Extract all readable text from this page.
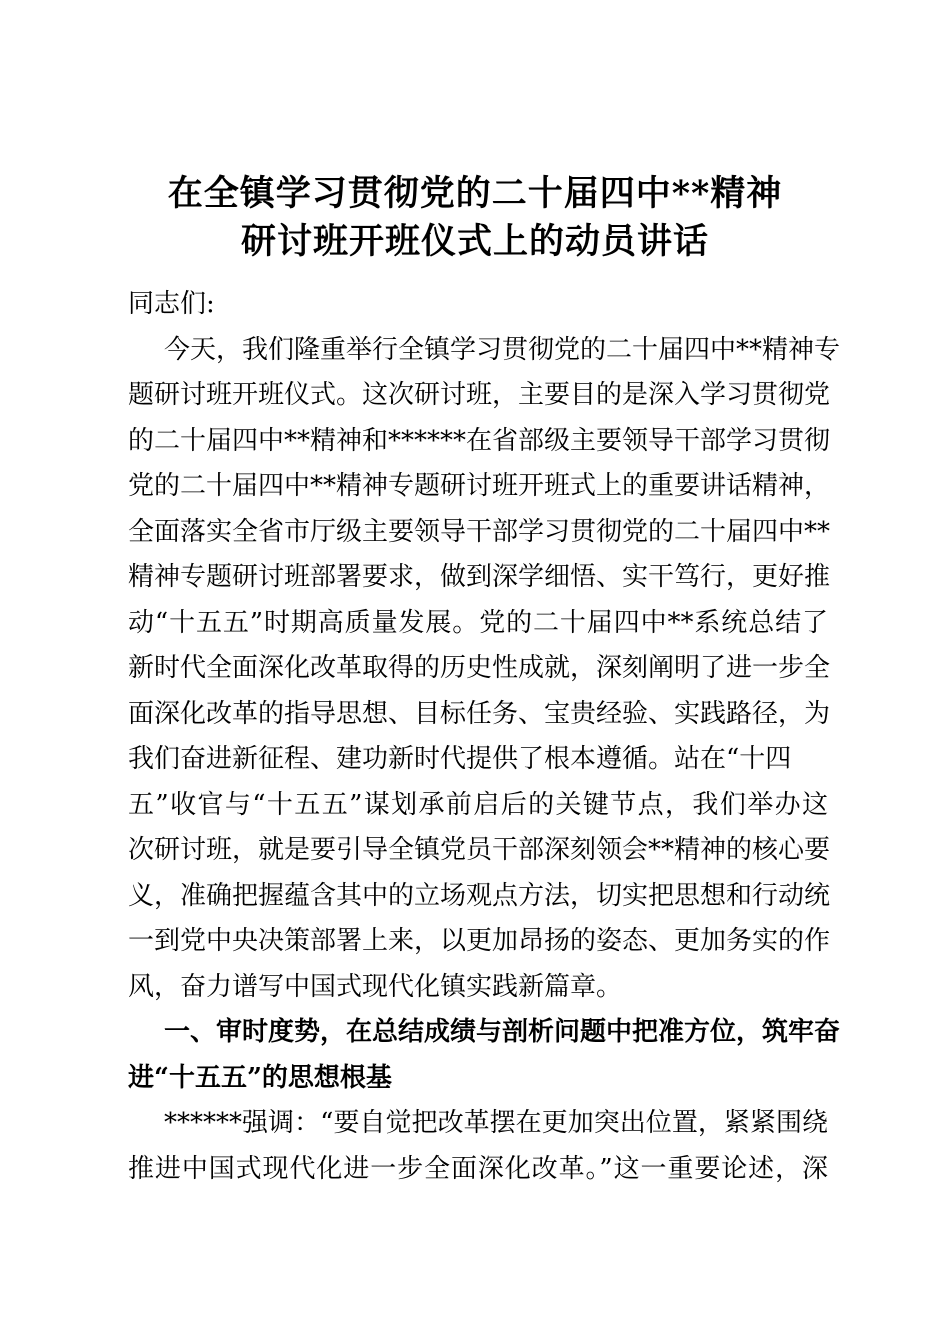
在全镇学习贯彻党的二十届四中**精神
研讨班开班仪式上的动员讲话
同志们:
今天，我们隆重举行全镇学习贯彻党的二十届四中**精神专
题研讨班开班仪式。这次研讨班，主要目的是深入学习贯彻党
的二十届四中**精神和******在省部级主要领导干部学习贯彻
党的二十届四中**精神专题研讨班开班式上的重要讲话精神，
全面落实全省市厅级主要领导干部学习贯彻党的二十届四中**
精神专题研讨班部署要求，做到深学细悟、实干笃行，更好推
动“十五五”时期高质量发展。党的二十届四中**系统总结了
新时代全面深化改革取得的历史性成就，深刻阐明了进一步全
面深化改革的指导思想、目标任务、宝贵经验、实践路径，为
我们奋进新征程、建功新时代提供了根本遵循。站在“十四
五”收官与“十五五”谋划承前启后的关键节点，我们举办这
次研讨班，就是要引导全镇党员干部深刻领会**精神的核心要
义，准确把握蕴含其中的立场观点方法，切实把思想和行动统
一到党中央决策部署上来，以更加昂扬的姿态、更加务实的作
风，奋力谱写中国式现代化镇实践新篇章。
一、审时度势，在总结成绩与剖析问题中把准方位，筑牢奋
进“十五五”的思想根基
******强调：“要自觉把改革摆在更加突出位置，紧紧围绕
推进中国式现代化进一步全面深化改革。”这一重要论述，深
